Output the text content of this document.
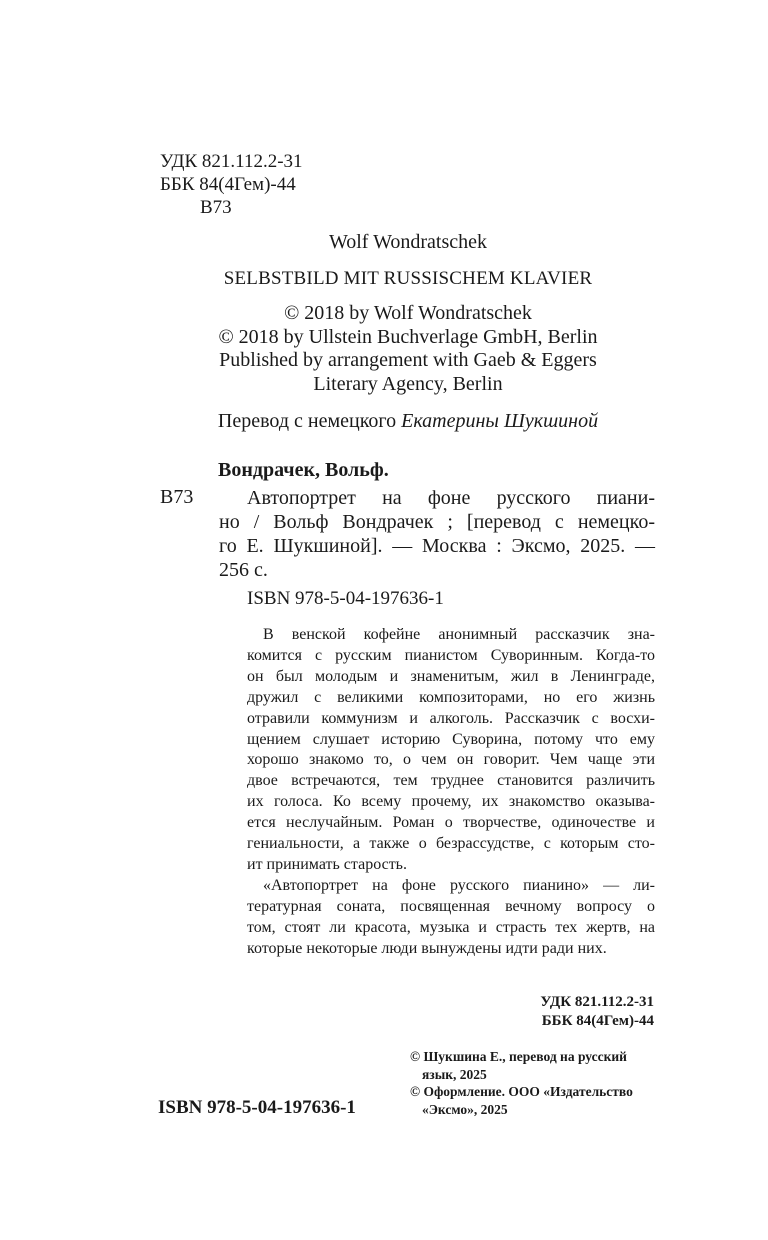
УДК 821.112.2-31
ББК 84(4Гем)-44
В73
Wolf Wondratschek
SELBSTBILD MIT RUSSISCHEM KLAVIER
© 2018 by Wolf Wondratschek
© 2018 by Ullstein Buchverlage GmbH, Berlin
Published by arrangement with Gaeb & Eggers
Literary Agency, Berlin
Перевод с немецкого Екатерины Шукшиной
Вондрачек, Вольф.
В73	Автопортрет на фоне русского пиани-
но / Вольф Вондрачек ; [перевод с немецко-
го Е. Шукшиной]. — Москва : Эксмо, 2025. —
256 с.
ISBN 978-5-04-197636-1
В венской кофейне анонимный рассказчик зна-
комится с русским пианистом Суворинным. Когда-то
он был молодым и знаменитым, жил в Ленинграде,
дружил с великими композиторами, но его жизнь
отравили коммунизм и алкоголь. Рассказчик с восхи-
щением слушает историю Суворина, потому что ему
хорошо знакомо то, о чем он говорит. Чем чаще эти
двое встречаются, тем труднее становится различить
их голоса. Ко всему прочему, их знакомство оказыва-
ется неслучайным. Роман о творчестве, одиночестве и
гениальности, а также о безрассудстве, с которым сто-
ит принимать старость.
«Автопортрет на фоне русского пианино» — ли-
тературная соната, посвященная вечному вопросу о
том, стоят ли красота, музыка и страсть тех жертв, на
которые некоторые люди вынуждены идти ради них.
УДК 821.112.2-31
ББК 84(4Гем)-44
© Шукшина Е., перевод на русский
язык, 2025
© Оформление. ООО «Издательство
«Эксмо», 2025
ISBN 978-5-04-197636-1
